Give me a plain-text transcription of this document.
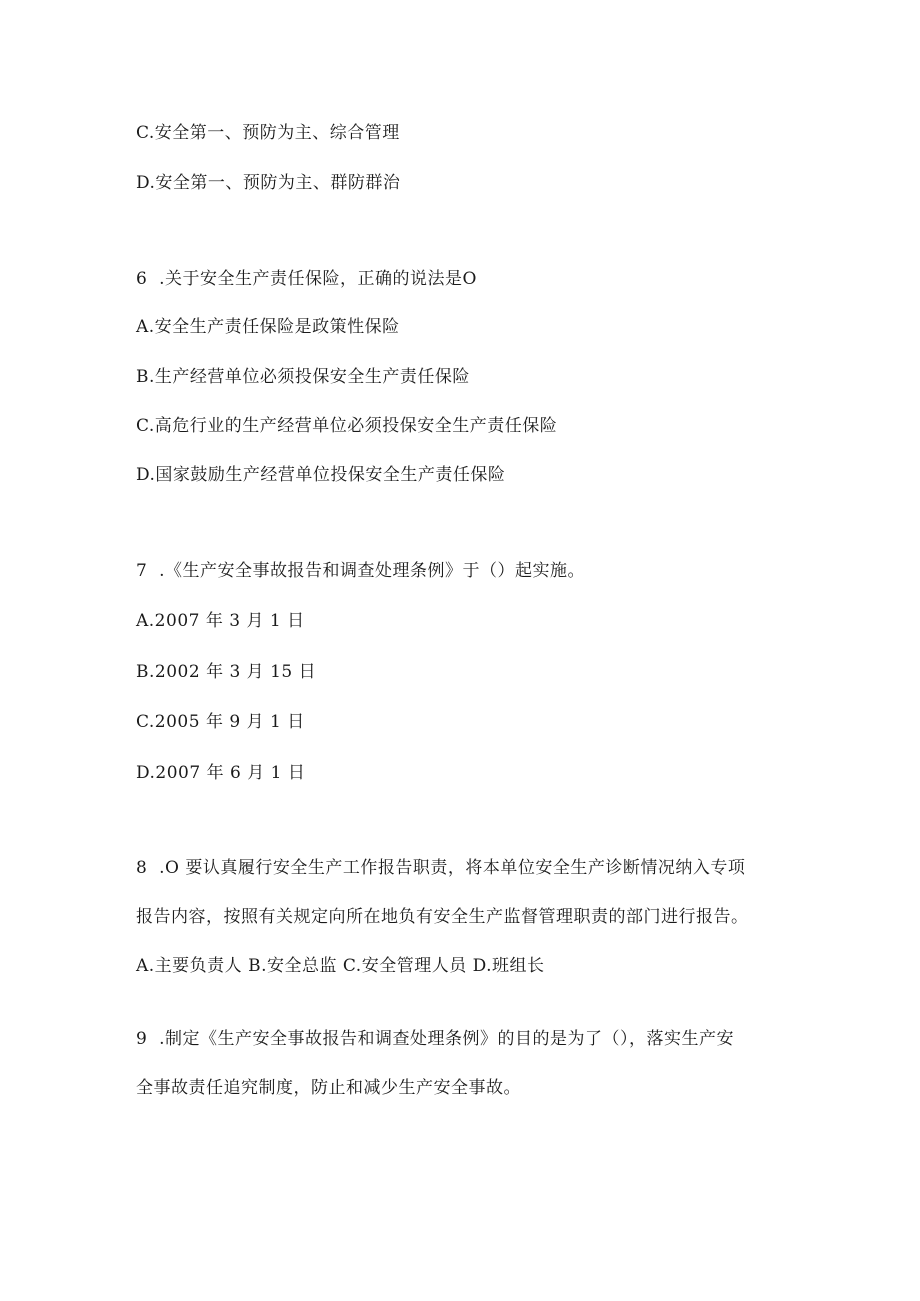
C.安全第一、预防为主、综合管理
D.安全第一、预防为主、群防群治
6  .关于安全生产责任保险，正确的说法是O
A.安全生产责任保险是政策性保险
B.生产经营单位必须投保安全生产责任保险
C.高危行业的生产经营单位必须投保安全生产责任保险
D.国家鼓励生产经营单位投保安全生产责任保险
7  .《生产安全事故报告和调查处理条例》于（）起实施。
A.2007 年 3 月 1 日
B.2002 年 3 月 15 日
C.2005 年 9 月 1 日
D.2007 年 6 月 1 日
8  .O 要认真履行安全生产工作报告职责，将本单位安全生产诊断情况纳入专项
报告内容，按照有关规定向所在地负有安全生产监督管理职责的部门进行报告。
A.主要负责人 B.安全总监 C.安全管理人员 D.班组长
9  .制定《生产安全事故报告和调查处理条例》的目的是为了（），落实生产安
全事故责任追究制度，防止和减少生产安全事故。
